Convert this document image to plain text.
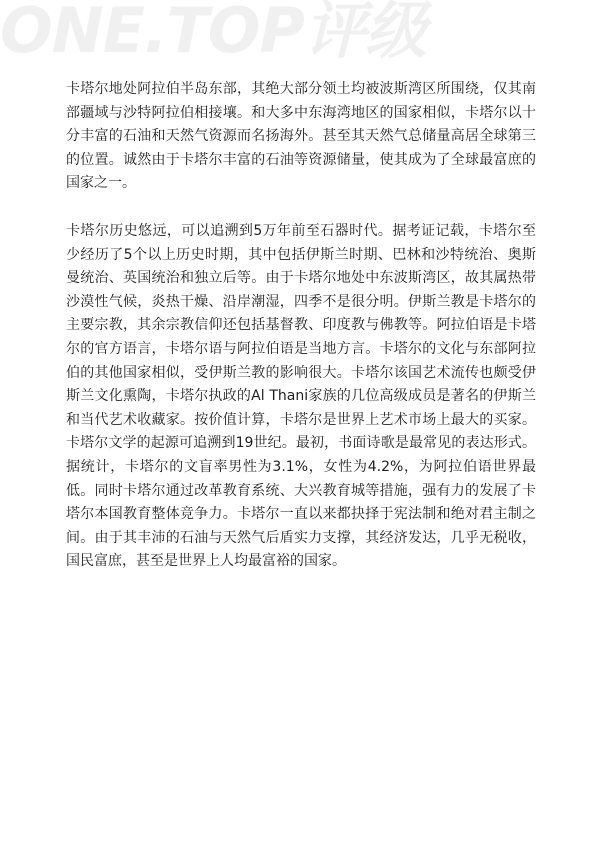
ONE.TOP评级

卡塔尔地处阿拉伯半岛东部，其绝大部分领土均被波斯湾区所围绕，仅其南部疆域与沙特阿拉伯相接壤。和大多中东海湾地区的国家相似，卡塔尔以十分丰富的石油和天然气资源而名扬海外。甚至其天然气总储量高居全球第三的位置。诚然由于卡塔尔丰富的石油等资源储量，使其成为了全球最富庶的国家之一。

卡塔尔历史悠远，可以追溯到5万年前至石器时代。据考证记载，卡塔尔至少经历了5个以上历史时期，其中包括伊斯兰时期、巴林和沙特统治、奥斯曼统治、英国统治和独立后等。由于卡塔尔地处中东波斯湾区，故其属热带沙漠性气候，炎热干燥、沿岸潮湿，四季不是很分明。伊斯兰教是卡塔尔的主要宗教，其余宗教信仰还包括基督教、印度教与佛教等。阿拉伯语是卡塔尔的官方语言，卡塔尔语与阿拉伯语是当地方言。卡塔尔的文化与东部阿拉伯的其他国家相似，受伊斯兰教的影响很大。卡塔尔该国艺术流传也颇受伊斯兰文化熏陶，卡塔尔执政的Al Thani家族的几位高级成员是著名的伊斯兰和当代艺术收藏家。按价值计算，卡塔尔是世界上艺术市场上最大的买家。卡塔尔文学的起源可追溯到19世纪。最初，书面诗歌是最常见的表达形式。据统计，卡塔尔的文盲率男性为3.1%，女性为4.2%，为阿拉伯语世界最低。同时卡塔尔通过改革教育系统、大兴教育城等措施，强有力的发展了卡塔尔本国教育整体竞争力。卡塔尔一直以来都抉择于宪法制和绝对君主制之间。由于其丰沛的石油与天然气后盾实力支撑，其经济发达，几乎无税收，国民富庶，甚至是世界上人均最富裕的国家。
